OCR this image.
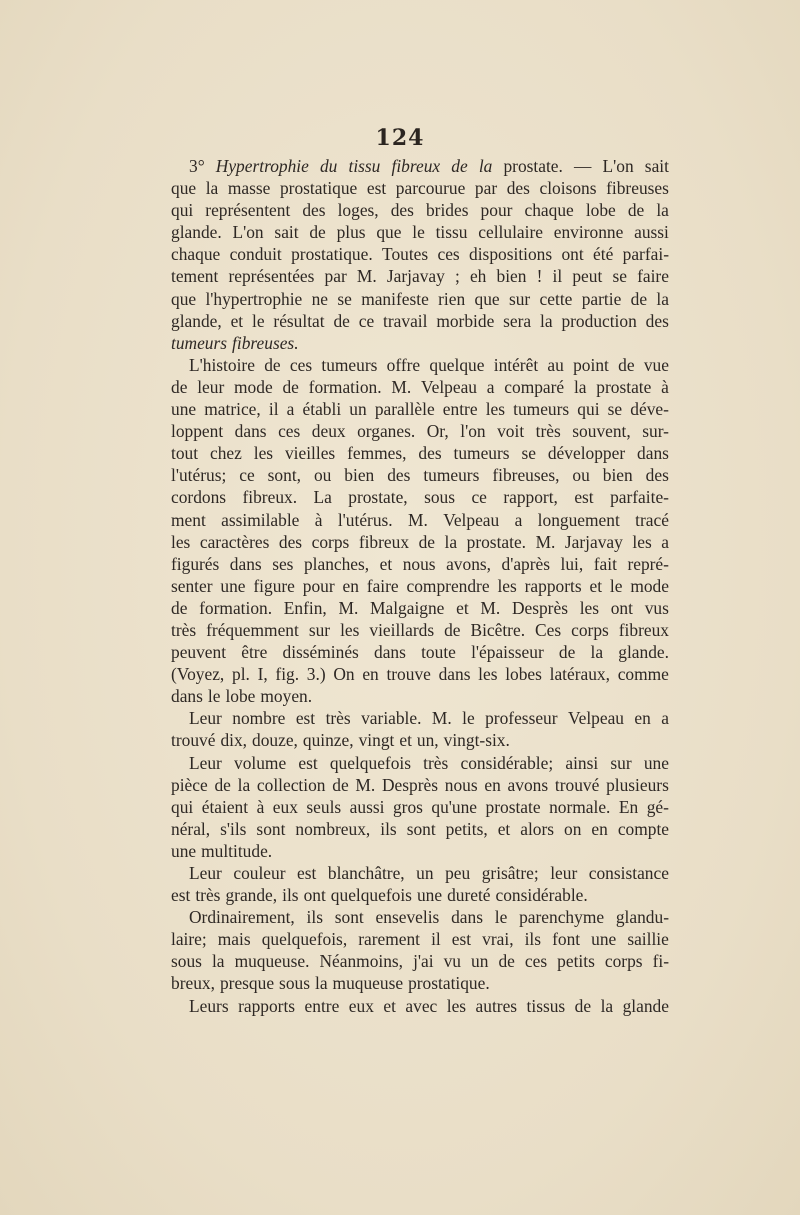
124
3° Hypertrophie du tissu fibreux de la prostate. — L'on sait
que la masse prostatique est parcourue par des cloisons fibreuses
qui représentent des loges, des brides pour chaque lobe de la
glande. L'on sait de plus que le tissu cellulaire environne aussi
chaque conduit prostatique. Toutes ces dispositions ont été parfai-
tement représentées par M. Jarjavay ; eh bien ! il peut se faire
que l'hypertrophie ne se manifeste rien que sur cette partie de la
glande, et le résultat de ce travail morbide sera la production des
tumeurs fibreuses.
L'histoire de ces tumeurs offre quelque intérêt au point de vue
de leur mode de formation. M. Velpeau a comparé la prostate à
une matrice, il a établi un parallèle entre les tumeurs qui se déve-
loppent dans ces deux organes. Or, l'on voit très souvent, sur-
tout chez les vieilles femmes, des tumeurs se développer dans
l'utérus; ce sont, ou bien des tumeurs fibreuses, ou bien des
cordons fibreux. La prostate, sous ce rapport, est parfaite-
ment assimilable à l'utérus. M. Velpeau a longuement tracé
les caractères des corps fibreux de la prostate. M. Jarjavay les a
figurés dans ses planches, et nous avons, d'après lui, fait repré-
senter une figure pour en faire comprendre les rapports et le mode
de formation. Enfin, M. Malgaigne et M. Desprès les ont vus
très fréquemment sur les vieillards de Bicêtre. Ces corps fibreux
peuvent être disséminés dans toute l'épaisseur de la glande.
(Voyez, pl. I, fig. 3.) On en trouve dans les lobes latéraux, comme
dans le lobe moyen.
Leur nombre est très variable. M. le professeur Velpeau en a
trouvé dix, douze, quinze, vingt et un, vingt-six.
Leur volume est quelquefois très considérable; ainsi sur une
pièce de la collection de M. Desprès nous en avons trouvé plusieurs
qui étaient à eux seuls aussi gros qu'une prostate normale. En gé-
néral, s'ils sont nombreux, ils sont petits, et alors on en compte
une multitude.
Leur couleur est blanchâtre, un peu grisâtre; leur consistance
est très grande, ils ont quelquefois une dureté considérable.
Ordinairement, ils sont ensevelis dans le parenchyme glandu-
laire; mais quelquefois, rarement il est vrai, ils font une saillie
sous la muqueuse. Néanmoins, j'ai vu un de ces petits corps fi-
breux, presque sous la muqueuse prostatique.
Leurs rapports entre eux et avec les autres tissus de la glande
